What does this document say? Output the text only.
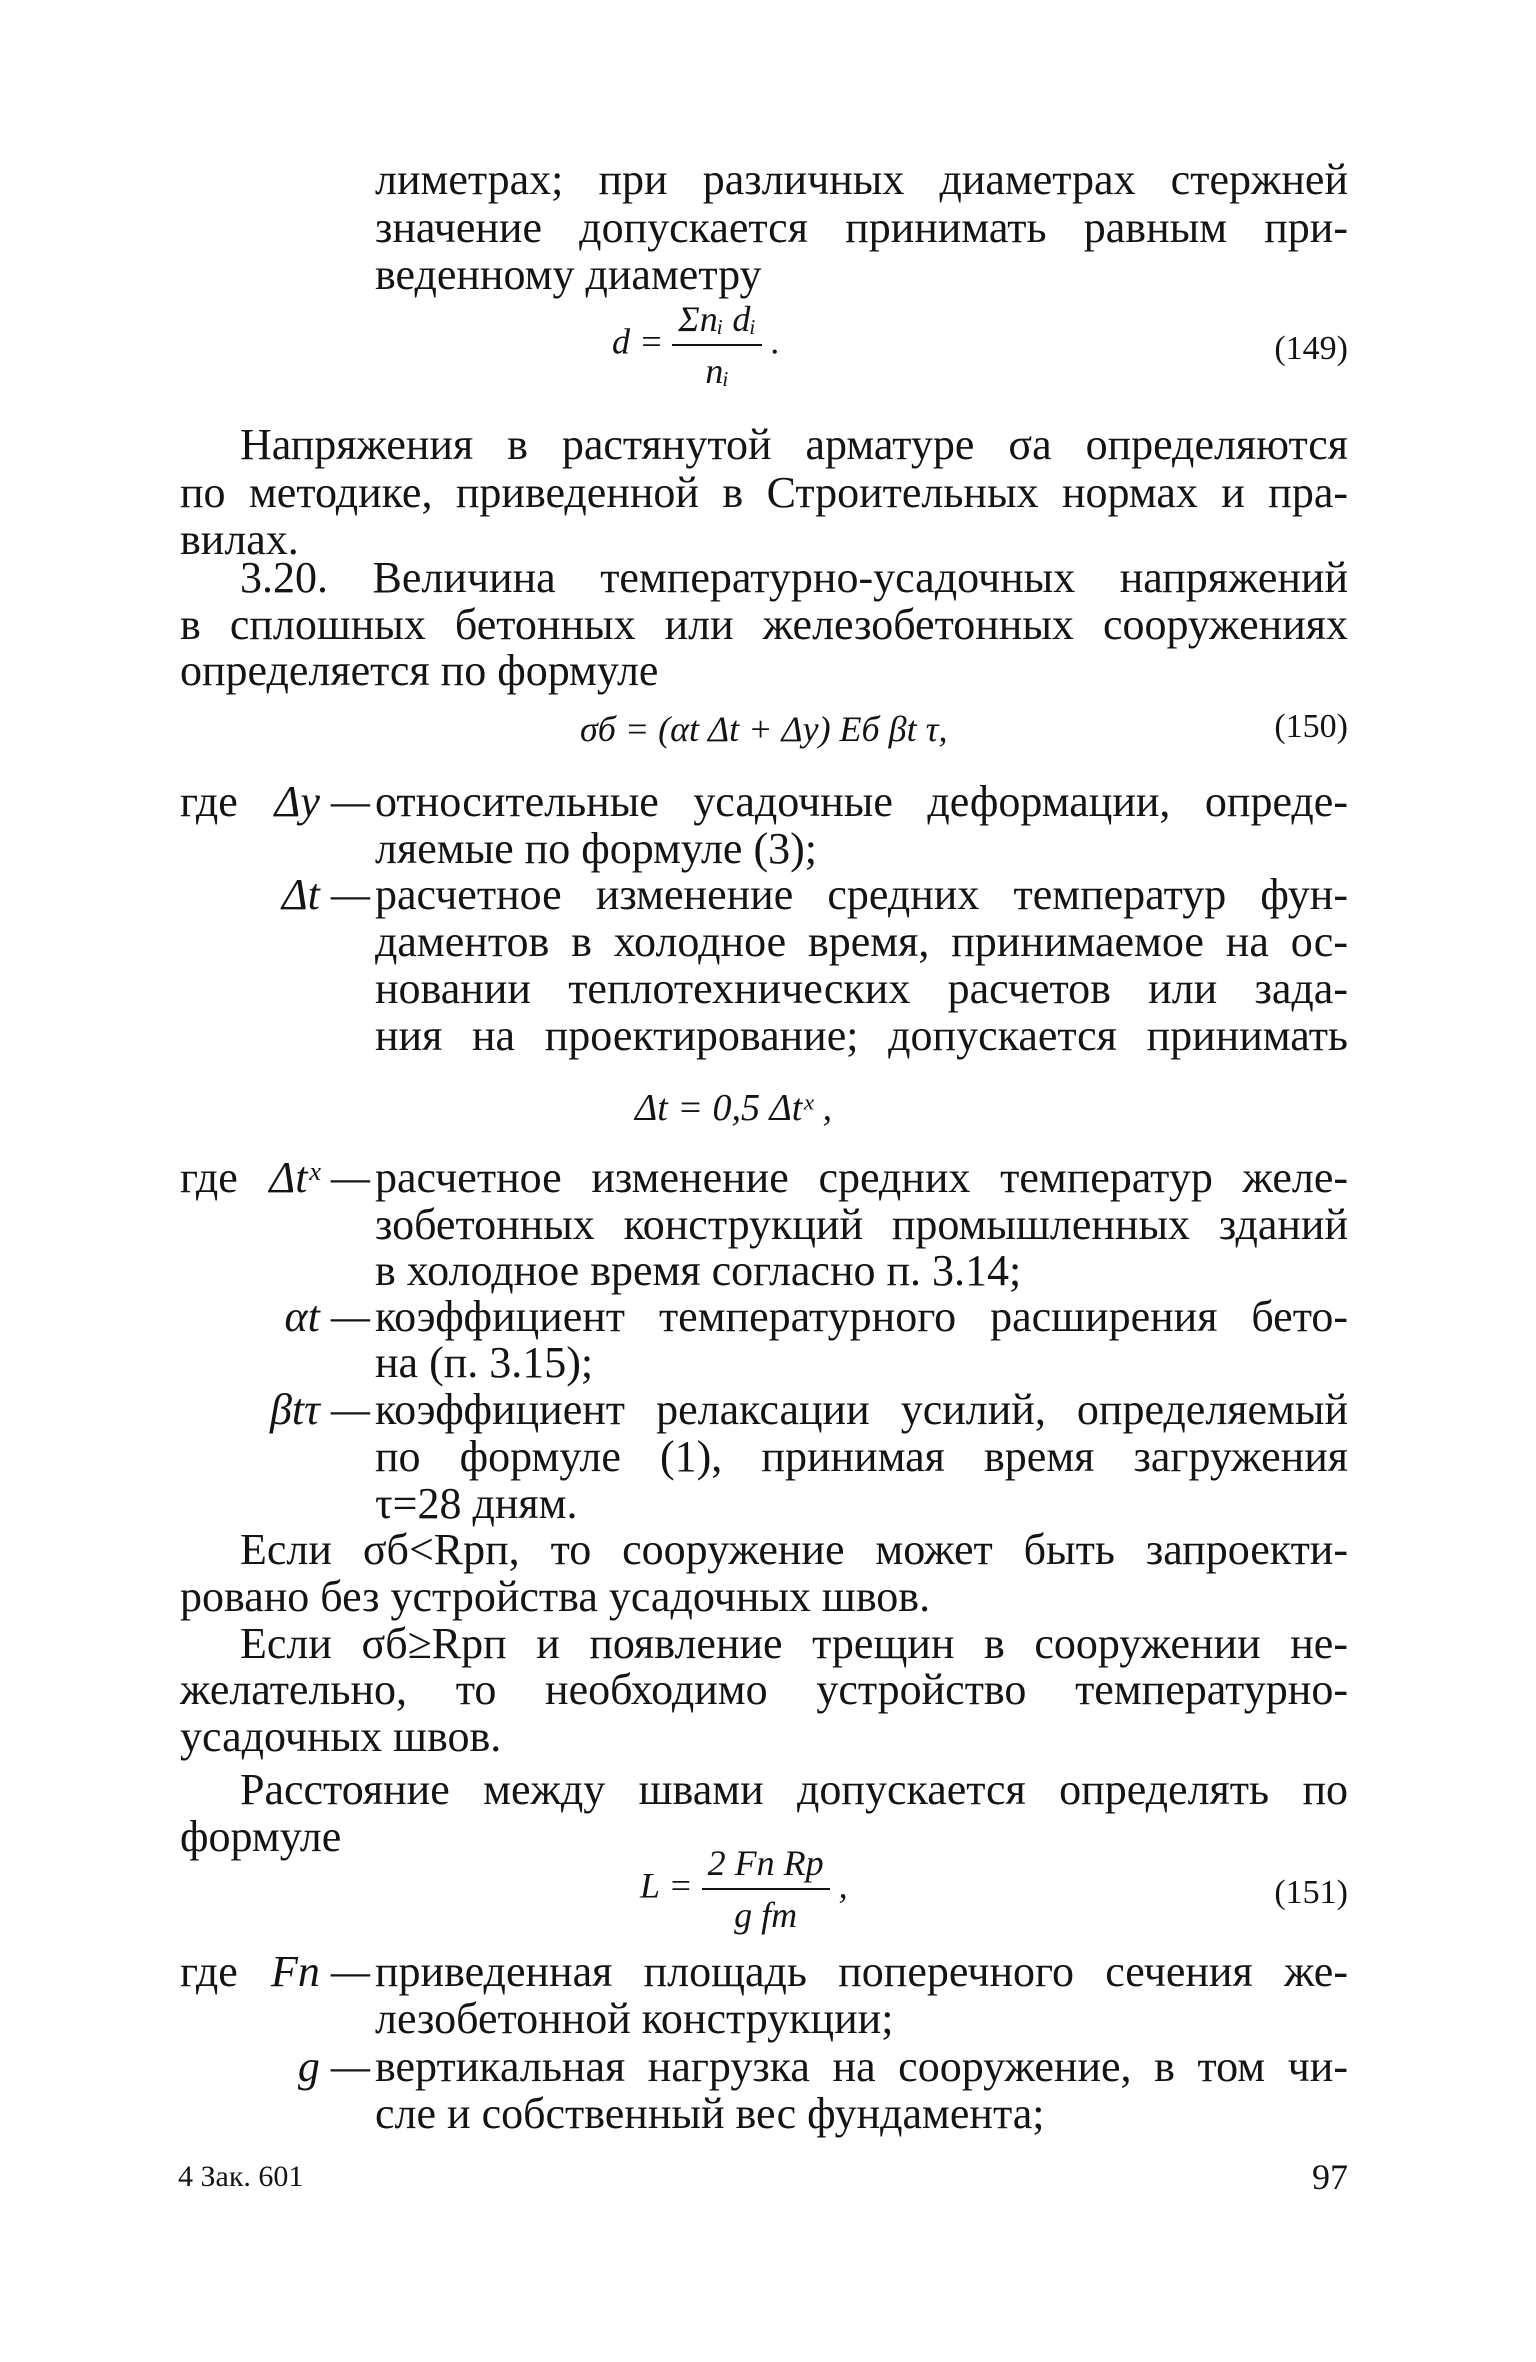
лиметрах; при различных диаметрах стержней

значение допускается принимать равным при-

веденному диаметру

$d = \frac{\text{Σnᵢ dᵢ}}{\text{nᵢ}}$ .	(149)

Напряжения в растянутой арматуре σа определяются

по методике, приведенной в Строительных нормах и пра-

вилах.

3.20. Величина температурно-усадочных напряжений

в сплошных бетонных или железобетонных сооружениях

определяется по формуле

σб = (αt Δt + Δу) Eб βt τ,	(150)

где Δу — относительные усадочные деформации, опреде-

ляемые по формуле (3);

Δt — расчетное изменение средних температур фун-

даментов в холодное время, принимаемое на ос-

новании теплотехнических расчетов или зада-

ния на проектирование; допускается принимать

Δt = 0,5 Δtˣ ,

где Δtˣ — расчетное изменение средних температур желе-

зобетонных конструкций промышленных зданий

в холодное время согласно п. 3.14;

αt — коэффициент температурного расширения бето-

на (п. 3.15);

βtτ — коэффициент релаксации усилий, определяемый

по формуле (1), принимая время загружения

τ=28 дням.

Если σб<Rрп, то сооружение может быть запроекти-

ровано без устройства усадочных швов.

Если σб≥Rрп и появление трещин в сооружении не-

желательно, то необходимо устройство температурно-

усадочных швов.

Расстояние между швами допускается определять по

формуле

$L = \frac{\text{2 Fп Rр}}{\text{g fт}}$ ,	(151)

где Fп — приведенная площадь поперечного сечения же-

лезобетонной конструкции;

g — вертикальная нагрузка на сооружение, в том чи-

сле и собственный вес фундамента;

4 Зак. 601	97
